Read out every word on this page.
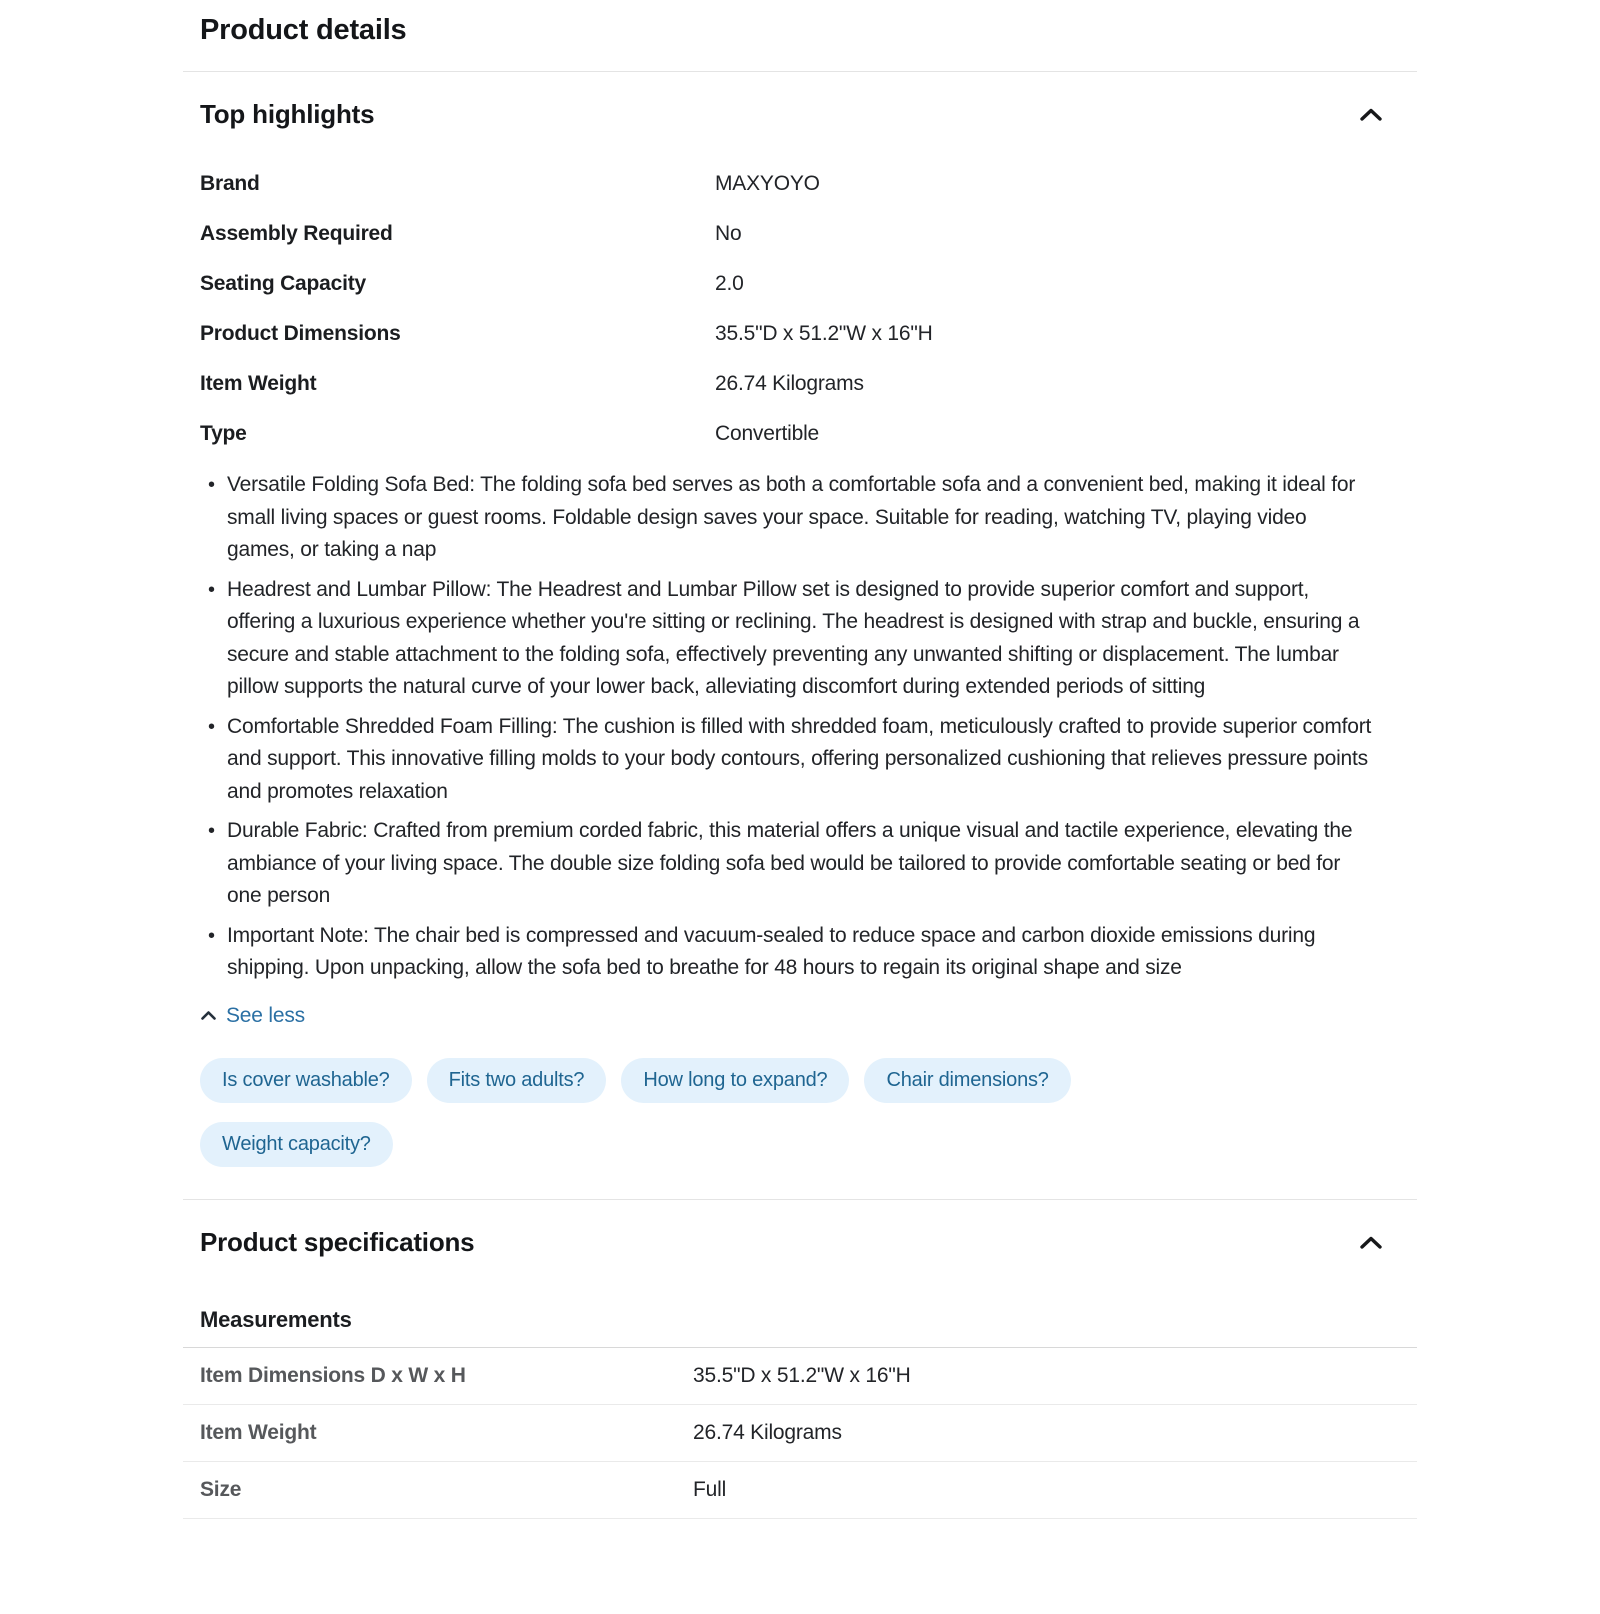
Product details
Top highlights
Brand	MAXYOYO
Assembly Required	No
Seating Capacity	2.0
Product Dimensions	35.5"D x 51.2"W x 16"H
Item Weight	26.74 Kilograms
Type	Convertible
• Versatile Folding Sofa Bed: The folding sofa bed serves as both a comfortable sofa and a convenient bed, making it ideal for small living spaces or guest rooms. Foldable design saves your space. Suitable for reading, watching TV, playing video games, or taking a nap
• Headrest and Lumbar Pillow: The Headrest and Lumbar Pillow set is designed to provide superior comfort and support, offering a luxurious experience whether you're sitting or reclining. The headrest is designed with strap and buckle, ensuring a secure and stable attachment to the folding sofa, effectively preventing any unwanted shifting or displacement. The lumbar pillow supports the natural curve of your lower back, alleviating discomfort during extended periods of sitting
• Comfortable Shredded Foam Filling: The cushion is filled with shredded foam, meticulously crafted to provide superior comfort and support. This innovative filling molds to your body contours, offering personalized cushioning that relieves pressure points and promotes relaxation
• Durable Fabric: Crafted from premium corded fabric, this material offers a unique visual and tactile experience, elevating the ambiance of your living space. The double size folding sofa bed would be tailored to provide comfortable seating or bed for one person
• Important Note: The chair bed is compressed and vacuum-sealed to reduce space and carbon dioxide emissions during shipping. Upon unpacking, allow the sofa bed to breathe for 48 hours to regain its original shape and size
See less
Is cover washable?	Fits two adults?	How long to expand?	Chair dimensions?
Weight capacity?
Product specifications
Measurements
Item Dimensions D x W x H	35.5"D x 51.2"W x 16"H
Item Weight	26.74 Kilograms
Size	Full
